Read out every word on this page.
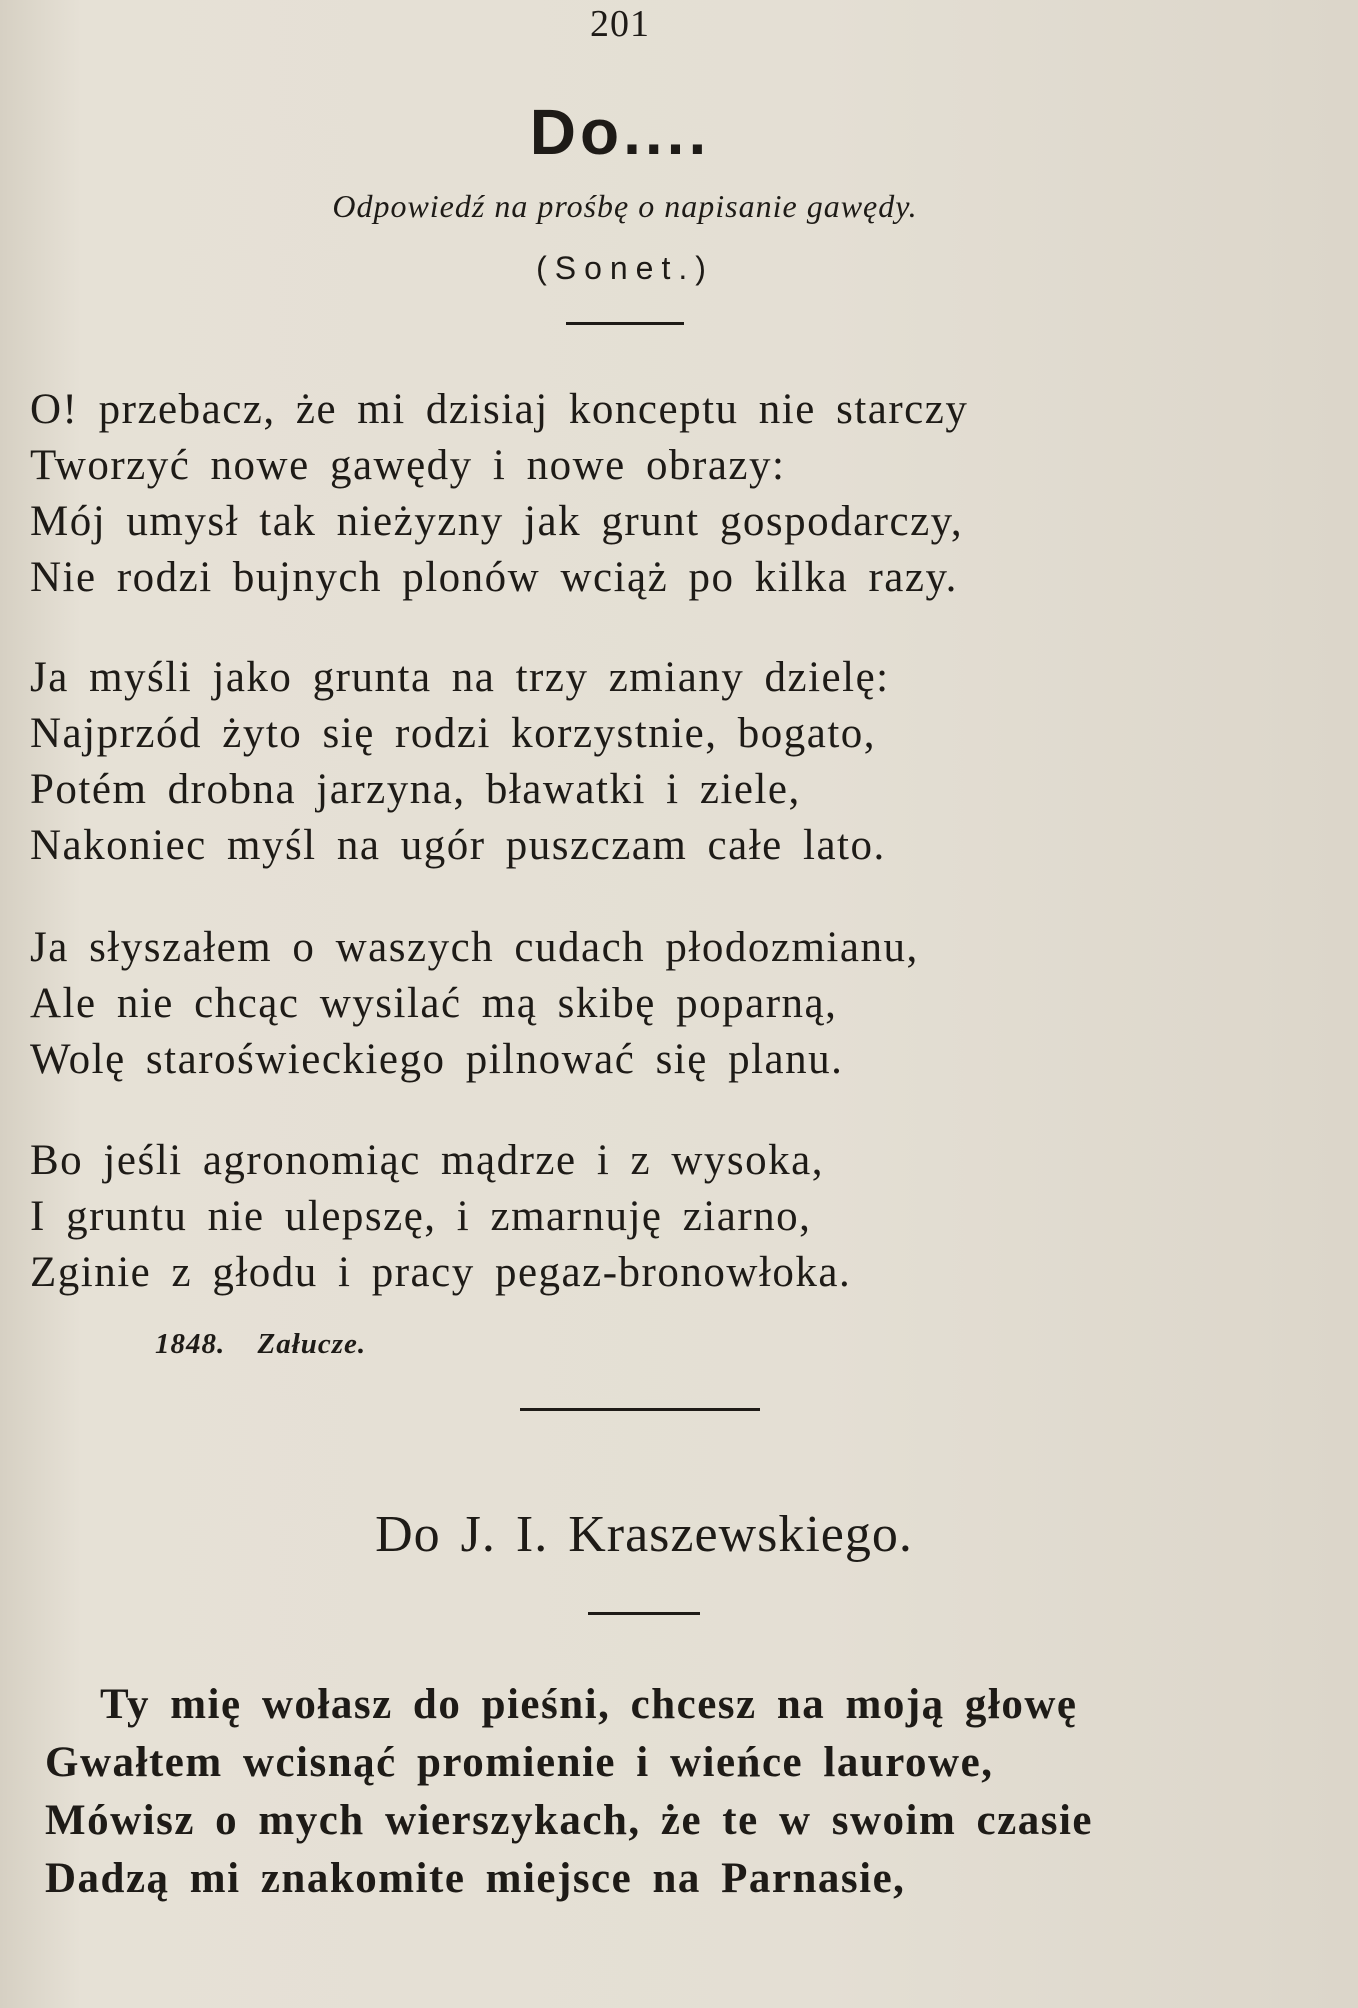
201
Do....
Odpowiedź na prośbę o napisanie gawędy.
(Sonet.)
O! przebacz, że mi dzisiaj konceptu nie starczy
Tworzyć nowe gawędy i nowe obrazy:
Mój umysł tak nieżyzny jak grunt gospodarczy,
Nie rodzi bujnych plonów wciąż po kilka razy.
Ja myśli jako grunta na trzy zmiany dzielę:
Najprzód żyto się rodzi korzystnie, bogato,
Potém drobna jarzyna, bławatki i ziele,
Nakoniec myśl na ugór puszczam całe lato.
Ja słyszałem o waszych cudach płodozmianu,
Ale nie chcąc wysilać mą skibę poparną,
Wolę staroświeckiego pilnować się planu.
Bo jeśli agronomiąc mądrze i z wysoka,
I gruntu nie ulepszę, i zmarnuję ziarno,
Zginie z głodu i pracy pegaz-bronowłoka.
1848. Załucze.
Do J. I. Kraszewskiego.
Ty mię wołasz do pieśni, chcesz na moją głowę
Gwałtem wcisnąć promienie i wieńce laurowe,
Mówisz o mych wierszykach, że te w swoim czasie
Dadzą mi znakomite miejsce na Parnasie,
